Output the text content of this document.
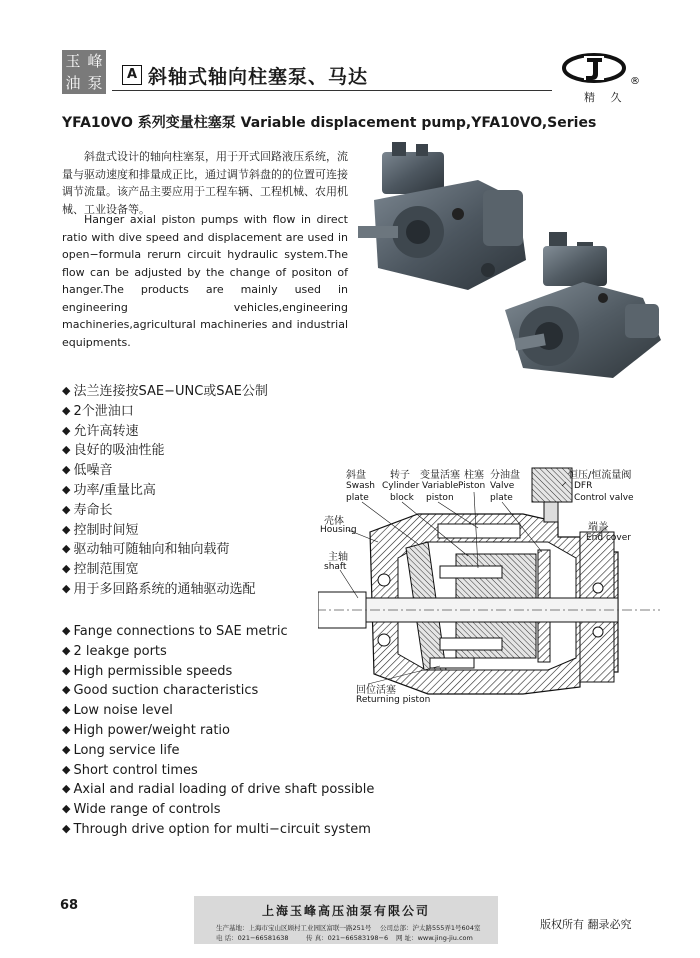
玉 峰
油 泵	A 斜轴式轴向柱塞泵、马达	®
精 久
YFA10VO 系列变量柱塞泵 Variable displacement pump,YFA10VO,Series
斜盘式设计的轴向柱塞泵，用于开式回路液压系统，流量与驱动速度和排量成正比，通过调节斜盘的的位置可连接调节流量。该产品主要应用于工程车辆、工程机械、农用机械、工业设备等。
Hanger axial piston pumps with flow in direct ratio with dive speed and displacement are used in open−formula rerurn circuit hydraulic system.The flow can be adjusted by the change of positon of hanger.The products are mainly used in engineering vehicles,engineering machineries,agricultural machineries and industrial equipments.
◆ 法兰连接按SAE−UNC或SAE公制
◆ 2个泄油口
◆ 允许高转速
◆ 良好的吸油性能
◆ 低噪音
◆ 功率/重量比高
◆ 寿命长
◆ 控制时间短
◆ 驱动轴可随轴向和轴向载荷
◆ 控制范围宽
◆ 用于多回路系统的通轴驱动选配
◆ Fange connections to SAE metric
◆ 2 leakge ports
◆ High permissible speeds
◆ Good suction characteristics
◆ Low noise level
◆ High power/weight ratio
◆ Long service life
◆ Short control times
◆ Axial and radial loading of drive shaft possible
◆ Wide range of controls
◆ Through drive option for multi−circuit system
斜盘
Swash
plate
转子
Cylinder
block
变量活塞
Variable
piston
柱塞
Piston
分油盘
Valve
plate
恒压/恒流量阀
DFR
Control valve
壳体
Housing	端盖
End cover
主轴
shaft
回位活塞
Returning piston
68	上海玉峰高压油泵有限公司
生产基地：上海市宝山区顾村工业园区富联一路251号 公司总部：沪太路555弄1号604室
电 话：021−66581638	传 真：021−66583198−6 网 址：www.jing-jiu.com
版权所有 翻录必究
